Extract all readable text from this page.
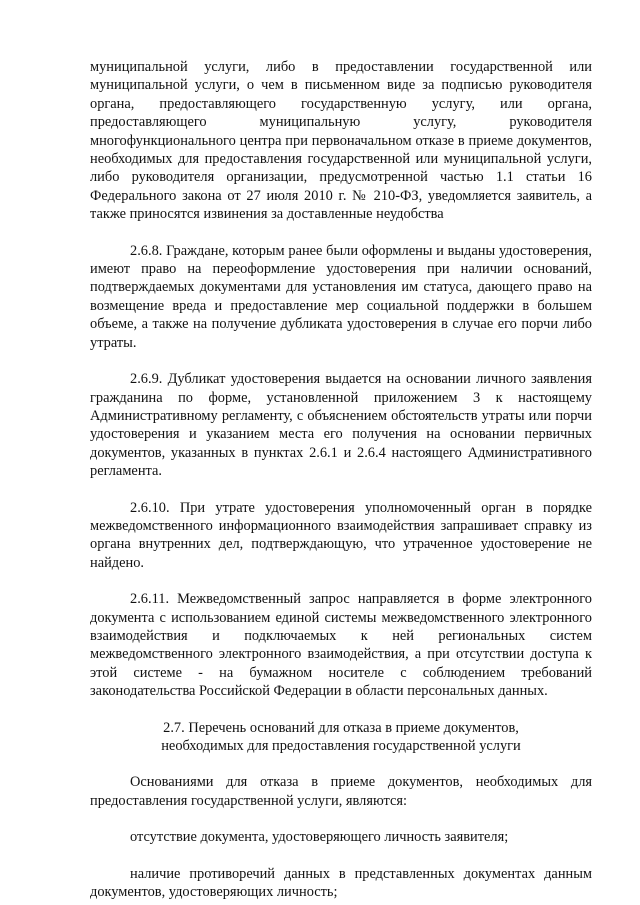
муниципальной услуги, либо в предоставлении государственной или муниципальной услуги, о чем в письменном виде за подписью руководителя органа, предоставляющего государственную услугу, или органа, предоставляющего муниципальную услугу, руководителя многофункционального центра при первоначальном отказе в приеме документов, необходимых для предоставления государственной или муниципальной услуги, либо руководителя организации, предусмотренной частью 1.1 статьи 16 Федерального закона от 27 июля 2010 г. № 210-ФЗ, уведомляется заявитель, а также приносятся извинения за доставленные неудобства

2.6.8. Граждане, которым ранее были оформлены и выданы удостоверения, имеют право на переоформление удостоверения при наличии оснований, подтверждаемых документами для установления им статуса, дающего право на возмещение вреда и предоставление мер социальной поддержки в большем объеме, а также на получение дубликата удостоверения в случае его порчи либо утраты.

2.6.9. Дубликат удостоверения выдается на основании личного заявления гражданина по форме, установленной приложением 3 к настоящему Административному регламенту, с объяснением обстоятельств утраты или порчи удостоверения и указанием места его получения на основании первичных документов, указанных в пунктах 2.6.1 и 2.6.4 настоящего Административного регламента.

2.6.10. При утрате удостоверения уполномоченный орган в порядке межведомственного информационного взаимодействия запрашивает справку из органа внутренних дел, подтверждающую, что утраченное удостоверение не найдено.

2.6.11. Межведомственный запрос направляется в форме электронного документа с использованием единой системы межведомственного электронного взаимодействия и подключаемых к ней региональных систем межведомственного электронного взаимодействия, а при отсутствии доступа к этой системе - на бумажном носителе с соблюдением требований законодательства Российской Федерации в области персональных данных.

2.7. Перечень оснований для отказа в приеме документов,
необходимых для предоставления государственной услуги

Основаниями для отказа в приеме документов, необходимых для предоставления государственной услуги, являются:

отсутствие документа, удостоверяющего личность заявителя;

наличие противоречий данных в представленных документах данным документов, удостоверяющих личность;
